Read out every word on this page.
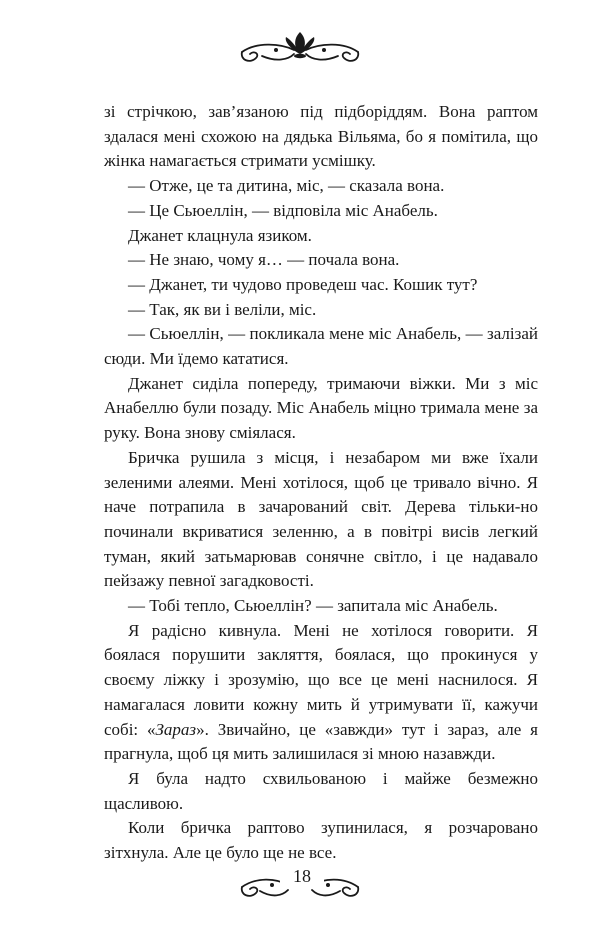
зі стрічкою, зав’язаною під підборіддям. Вона раптом здалася мені схожою на дядька Вільяма, бо я помітила, що жінка намагається стримати усмішку.

— Отже, це та дитина, міс, — сказала вона.

— Це Сьюеллін, — відповіла міс Анабель.

Джанет клацнула язиком.

— Не знаю, чому я… — почала вона.

— Джанет, ти чудово проведеш час. Кошик тут?

— Так, як ви і веліли, міс.

— Сьюеллін, — покликала мене міс Анабель, — залізай сюди. Ми їдемо кататися.

Джанет сиділа попереду, тримаючи віжки. Ми з міс Анабеллю були позаду. Міс Анабель міцно тримала мене за руку. Вона знову сміялася.

Бричка рушила з місця, і незабаром ми вже їхали зеленими алеями. Мені хотілося, щоб це тривало вічно. Я наче потрапила в зачарований світ. Дерева тільки-но починали вкриватися зеленню, а в повітрі висів легкий туман, який затьмарював сонячне світло, і це надавало пейзажу певної загадковості.

— Тобі тепло, Сьюеллін? — запитала міс Анабель.

Я радісно кивнула. Мені не хотілося говорити. Я боялася порушити закляття, боялася, що прокинуся у своєму ліжку і зрозумію, що все це мені наснилося. Я намагалася ловити кожну мить й утримувати її, кажучи собі: «Зараз». Звичайно, це «завжди» тут і зараз, але я прагнула, щоб ця мить залишилася зі мною назавжди.

Я була надто схвильованою і майже безмежно щасливою.

Коли бричка раптово зупинилася, я розчаровано зітхнула. Але це було ще не все.

18
